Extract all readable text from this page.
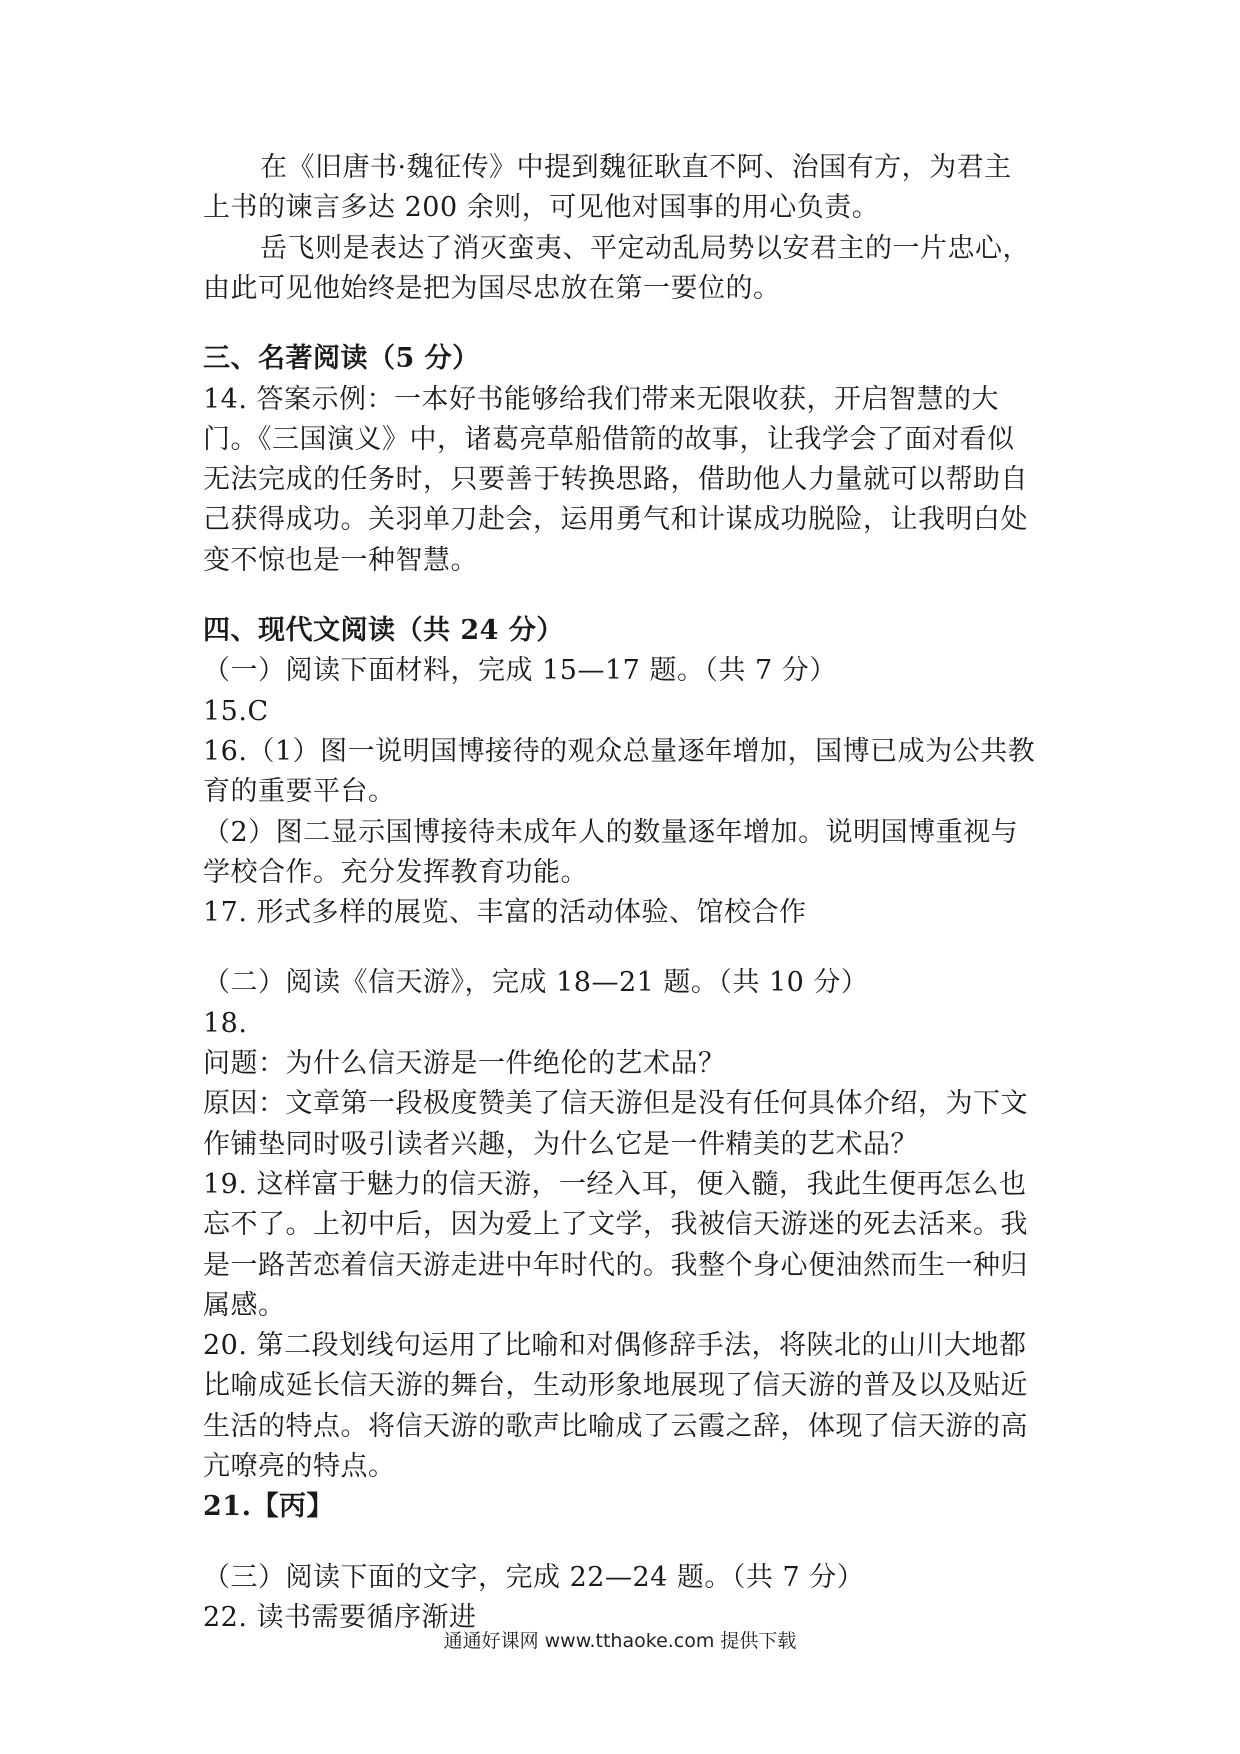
在《旧唐书·魏征传》中提到魏征耿直不阿、治国有方，为君主
上书的谏言多达 200 余则，可见他对国事的用心负责。
岳飞则是表达了消灭蛮夷、平定动乱局势以安君主的一片忠心，
由此可见他始终是把为国尽忠放在第一要位的。
三、名著阅读（5 分）
14. 答案示例：一本好书能够给我们带来无限收获，开启智慧的大
门。《三国演义》中，诸葛亮草船借箭的故事，让我学会了面对看似
无法完成的任务时，只要善于转换思路，借助他人力量就可以帮助自
己获得成功。关羽单刀赴会，运用勇气和计谋成功脱险，让我明白处
变不惊也是一种智慧。
四、现代文阅读（共 24 分）
（一）阅读下面材料，完成 15—17 题。（共 7 分）
15.C
16.（1）图一说明国博接待的观众总量逐年增加，国博已成为公共教
育的重要平台。
（2）图二显示国博接待未成年人的数量逐年增加。说明国博重视与
学校合作。充分发挥教育功能。
17. 形式多样的展览、丰富的活动体验、馆校合作
（二）阅读《信天游》，完成 18—21 题。（共 10 分）
18.
问题：为什么信天游是一件绝伦的艺术品？
原因：文章第一段极度赞美了信天游但是没有任何具体介绍，为下文
作铺垫同时吸引读者兴趣，为什么它是一件精美的艺术品？
19. 这样富于魅力的信天游，一经入耳，便入髓，我此生便再怎么也
忘不了。上初中后，因为爱上了文学，我被信天游迷的死去活来。我
是一路苦恋着信天游走进中年时代的。我整个身心便油然而生一种归
属感。
20. 第二段划线句运用了比喻和对偶修辞手法，将陕北的山川大地都
比喻成延长信天游的舞台，生动形象地展现了信天游的普及以及贴近
生活的特点。将信天游的歌声比喻成了云霞之辞，体现了信天游的高
亢嘹亮的特点。
21.【丙】
（三）阅读下面的文字，完成 22—24 题。（共 7 分）
22. 读书需要循序渐进
通通好课网 www.tthaoke.com 提供下载
